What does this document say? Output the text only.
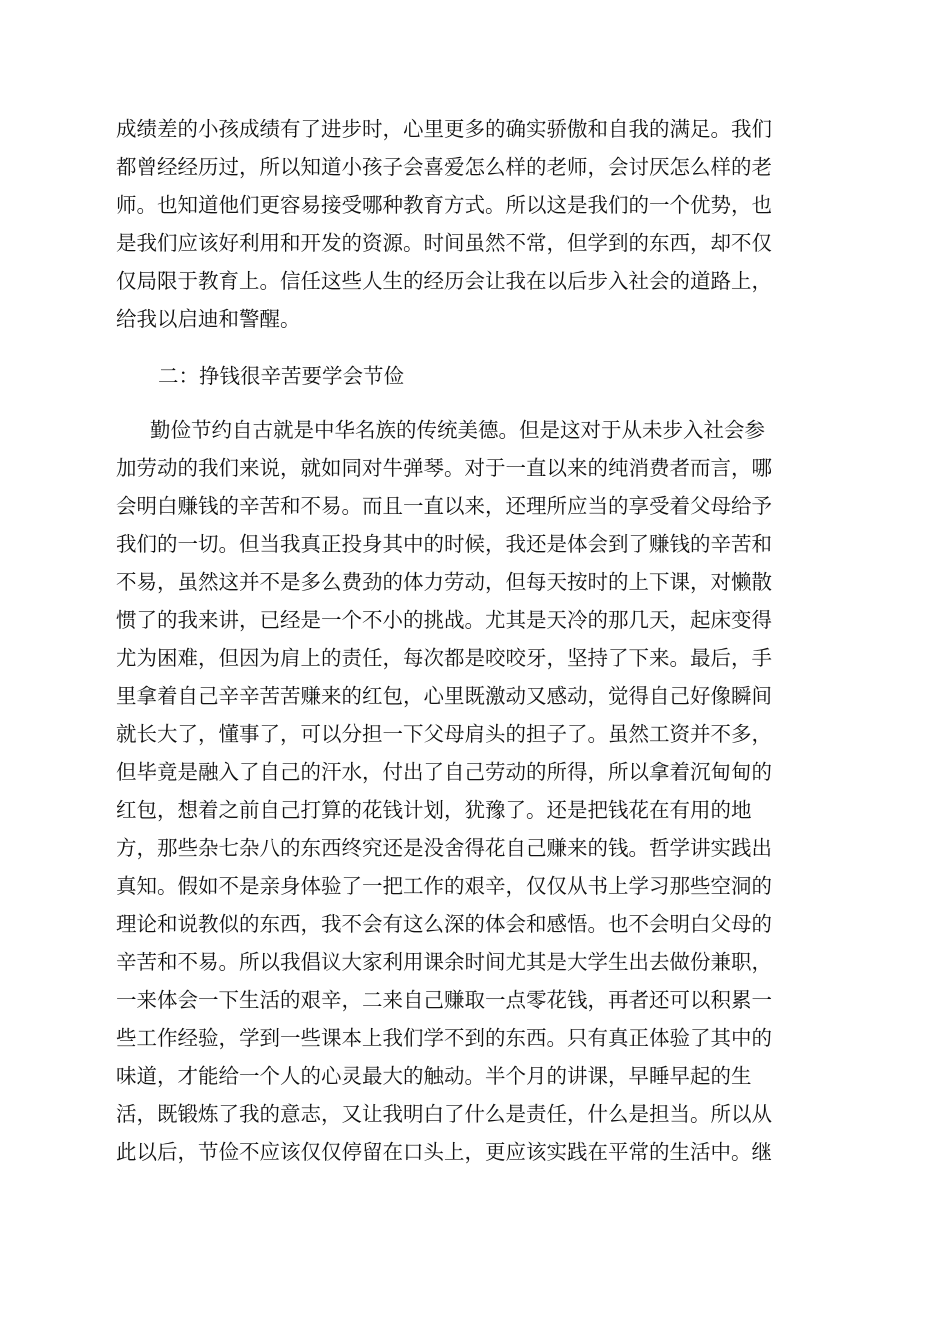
成绩差的小孩成绩有了进步时，心里更多的确实骄傲和自我的满足。我们
都曾经经历过，所以知道小孩子会喜爱怎么样的老师，会讨厌怎么样的老
师。也知道他们更容易接受哪种教育方式。所以这是我们的一个优势，也
是我们应该好利用和开发的资源。时间虽然不常，但学到的东西，却不仅
仅局限于教育上。信任这些人生的经历会让我在以后步入社会的道路上，
给我以启迪和警醒。
二：挣钱很辛苦要学会节俭
勤俭节约自古就是中华名族的传统美德。但是这对于从未步入社会参
加劳动的我们来说，就如同对牛弹琴。对于一直以来的纯消费者而言，哪
会明白赚钱的辛苦和不易。而且一直以来，还理所应当的享受着父母给予
我们的一切。但当我真正投身其中的时候，我还是体会到了赚钱的辛苦和
不易，虽然这并不是多么费劲的体力劳动，但每天按时的上下课，对懒散
惯了的我来讲，已经是一个不小的挑战。尤其是天冷的那几天，起床变得
尤为困难，但因为肩上的责任，每次都是咬咬牙，坚持了下来。最后，手
里拿着自己辛辛苦苦赚来的红包，心里既激动又感动，觉得自己好像瞬间
就长大了，懂事了，可以分担一下父母肩头的担子了。虽然工资并不多，
但毕竟是融入了自己的汗水，付出了自己劳动的所得，所以拿着沉甸甸的
红包，想着之前自己打算的花钱计划，犹豫了。还是把钱花在有用的地
方，那些杂七杂八的东西终究还是没舍得花自己赚来的钱。哲学讲实践出
真知。假如不是亲身体验了一把工作的艰辛，仅仅从书上学习那些空洞的
理论和说教似的东西，我不会有这么深的体会和感悟。也不会明白父母的
辛苦和不易。所以我倡议大家利用课余时间尤其是大学生出去做份兼职，
一来体会一下生活的艰辛，二来自己赚取一点零花钱，再者还可以积累一
些工作经验，学到一些课本上我们学不到的东西。只有真正体验了其中的
味道，才能给一个人的心灵最大的触动。半个月的讲课，早睡早起的生
活，既锻炼了我的意志，又让我明白了什么是责任，什么是担当。所以从
此以后，节俭不应该仅仅停留在口头上，更应该实践在平常的生活中。继
